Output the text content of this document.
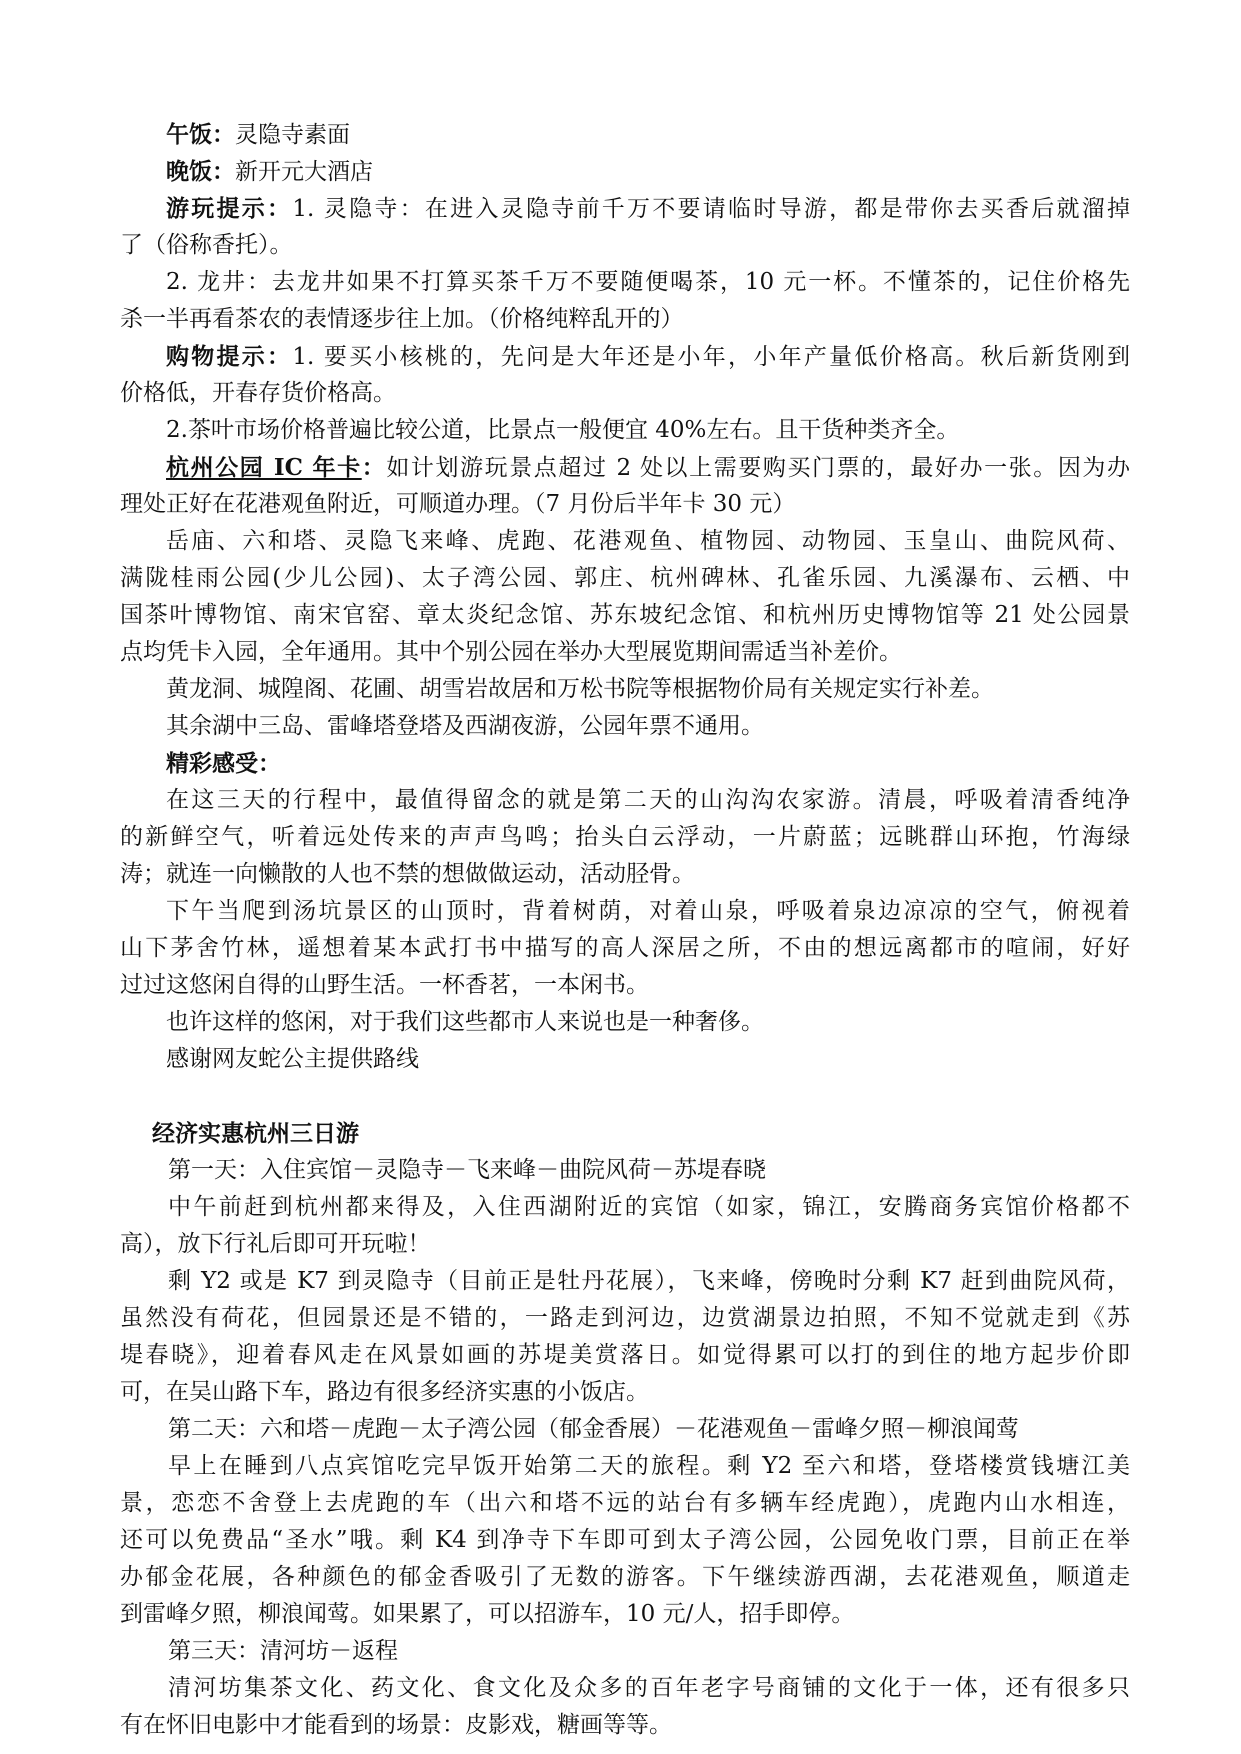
午饭：灵隐寺素面
晚饭：新开元大酒店
游玩提示：1. 灵隐寺：在进入灵隐寺前千万不要请临时导游，都是带你去买香后就溜掉
了（俗称香托）。
2. 龙井：去龙井如果不打算买茶千万不要随便喝茶，10 元一杯。不懂茶的，记住价格先
杀一半再看茶农的表情逐步往上加。（价格纯粹乱开的）
购物提示：1. 要买小核桃的，先问是大年还是小年，小年产量低价格高。秋后新货刚到
价格低，开春存货价格高。
2.茶叶市场价格普遍比较公道，比景点一般便宜 40%左右。且干货种类齐全。
杭州公园 IC 年卡：如计划游玩景点超过 2 处以上需要购买门票的，最好办一张。因为办
理处正好在花港观鱼附近，可顺道办理。（7 月份后半年卡 30 元）
岳庙、六和塔、灵隐飞来峰、虎跑、花港观鱼、植物园、动物园、玉皇山、曲院风荷、
满陇桂雨公园(少儿公园)、太子湾公园、郭庄、杭州碑林、孔雀乐园、九溪瀑布、云栖、中
国茶叶博物馆、南宋官窑、章太炎纪念馆、苏东坡纪念馆、和杭州历史博物馆等 21 处公园景
点均凭卡入园，全年通用。其中个别公园在举办大型展览期间需适当补差价。
黄龙洞、城隍阁、花圃、胡雪岩故居和万松书院等根据物价局有关规定实行补差。
其余湖中三岛、雷峰塔登塔及西湖夜游，公园年票不通用。
精彩感受：
在这三天的行程中，最值得留念的就是第二天的山沟沟农家游。清晨，呼吸着清香纯净
的新鲜空气，听着远处传来的声声鸟鸣；抬头白云浮动，一片蔚蓝；远眺群山环抱，竹海绿
涛；就连一向懒散的人也不禁的想做做运动，活动胫骨。
下午当爬到汤坑景区的山顶时，背着树荫，对着山泉，呼吸着泉边凉凉的空气，俯视着
山下茅舍竹林，遥想着某本武打书中描写的高人深居之所，不由的想远离都市的喧闹，好好
过过这悠闲自得的山野生活。一杯香茗，一本闲书。
也许这样的悠闲，对于我们这些都市人来说也是一种奢侈。
感谢网友蛇公主提供路线
经济实惠杭州三日游
第一天：入住宾馆－灵隐寺－飞来峰－曲院风荷－苏堤春晓
中午前赶到杭州都来得及，入住西湖附近的宾馆（如家，锦江，安腾商务宾馆价格都不
高），放下行礼后即可开玩啦！
剩 Y2 或是 K7 到灵隐寺（目前正是牡丹花展），飞来峰，傍晚时分剩 K7 赶到曲院风荷，
虽然没有荷花，但园景还是不错的，一路走到河边，边赏湖景边拍照，不知不觉就走到《苏
堤春晓》，迎着春风走在风景如画的苏堤美赏落日。如觉得累可以打的到住的地方起步价即
可，在吴山路下车，路边有很多经济实惠的小饭店。
第二天：六和塔－虎跑－太子湾公园（郁金香展）－花港观鱼－雷峰夕照－柳浪闻莺
早上在睡到八点宾馆吃完早饭开始第二天的旅程。剩 Y2 至六和塔，登塔楼赏钱塘江美
景，恋恋不舍登上去虎跑的车（出六和塔不远的站台有多辆车经虎跑），虎跑内山水相连，
还可以免费品“圣水”哦。剩 K4 到净寺下车即可到太子湾公园，公园免收门票，目前正在举
办郁金花展，各种颜色的郁金香吸引了无数的游客。下午继续游西湖，去花港观鱼，顺道走
到雷峰夕照，柳浪闻莺。如果累了，可以招游车，10 元/人，招手即停。
第三天：清河坊－返程
清河坊集茶文化、药文化、食文化及众多的百年老字号商铺的文化于一体，还有很多只
有在怀旧电影中才能看到的场景：皮影戏，糖画等等。
